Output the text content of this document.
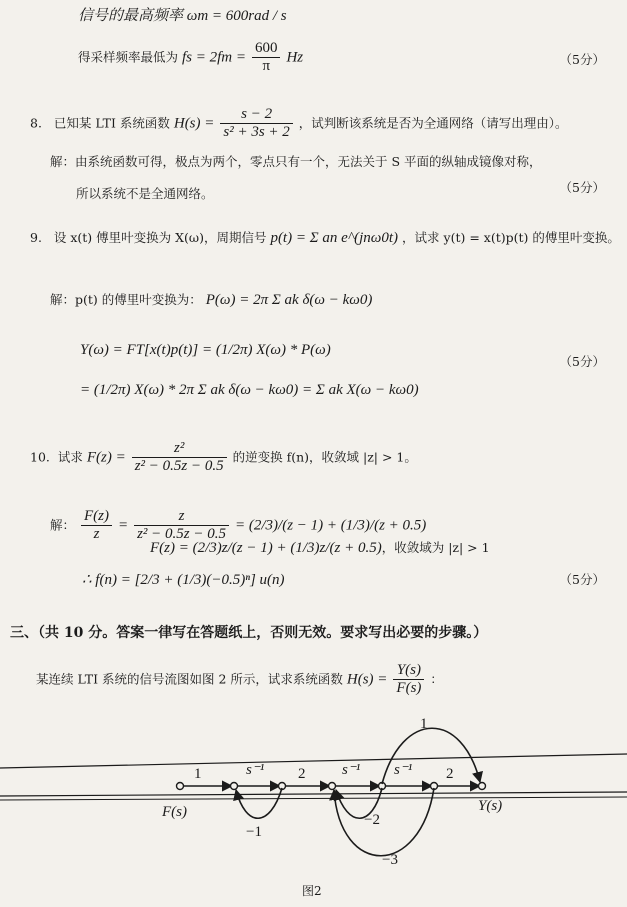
信号的最高频率 ωm = 600rad / s
得采样频率最低为 fs = $2fm = \frac{600}{\pi}$ Hz	（5分）
8. 已知某 LTI 系统函数 $H(s) = \frac{s - 2}{\text{s² + 3s + 2}}$ ，试判断该系统是否为全通网络（请写出理由）。
解：由系统函数可得，极点为两个，零点只有一个，无法关于 S 平面的纵轴成镜像对称，
所以系统不是全通网络。	（5分）
9. 设 x(t) 傅里叶变换为 X(ω)，周期信号 p(t) = Σ an e^(jnω0t) ，试求 y(t) = x(t)p(t) 的傅里叶变换。
解：p(t) 的傅里叶变换为： P(ω) = 2π Σ ak δ(ω − kω0)
Y(ω) = FT[x(t)p(t)] = (1/2π) X(ω) * P(ω)
（5分）
= (1/2π) X(ω) * 2π Σ ak δ(ω − kω0) = Σ ak X(ω − kω0)
10. 试求 $F(z) = \frac{\text{z²}}{\text{z² − 0.5z − 0.5}}$ 的逆变换 f(n)，收敛域 |z| > 1。
解： $\frac{F(z)}{z} = \frac{z}{\text{z² − 0.5z − 0.5}} = (2/3)/(z - 1) + (1/3)/(z + 0.5)$
F(z) = (2/3)z/(z − 1) + (1/3)z/(z + 0.5)，收敛域为 |z| > 1
∴ f(n) = [2/3 + (1/3)(−0.5)ⁿ] u(n)	（5分）
三、（共 10 分。答案一律写在答题纸上，否则无效。要求写出必要的步骤。）
某连续 LTI 系统的信号流图如图 2 所示，试求系统函数 $H(s) = \frac{Y(s)}{F(s)}$ ：
1	s⁻¹ 2 s⁻¹ s⁻¹ 2
−1
−2
−3
1
F(s)	Y(s)
图2
